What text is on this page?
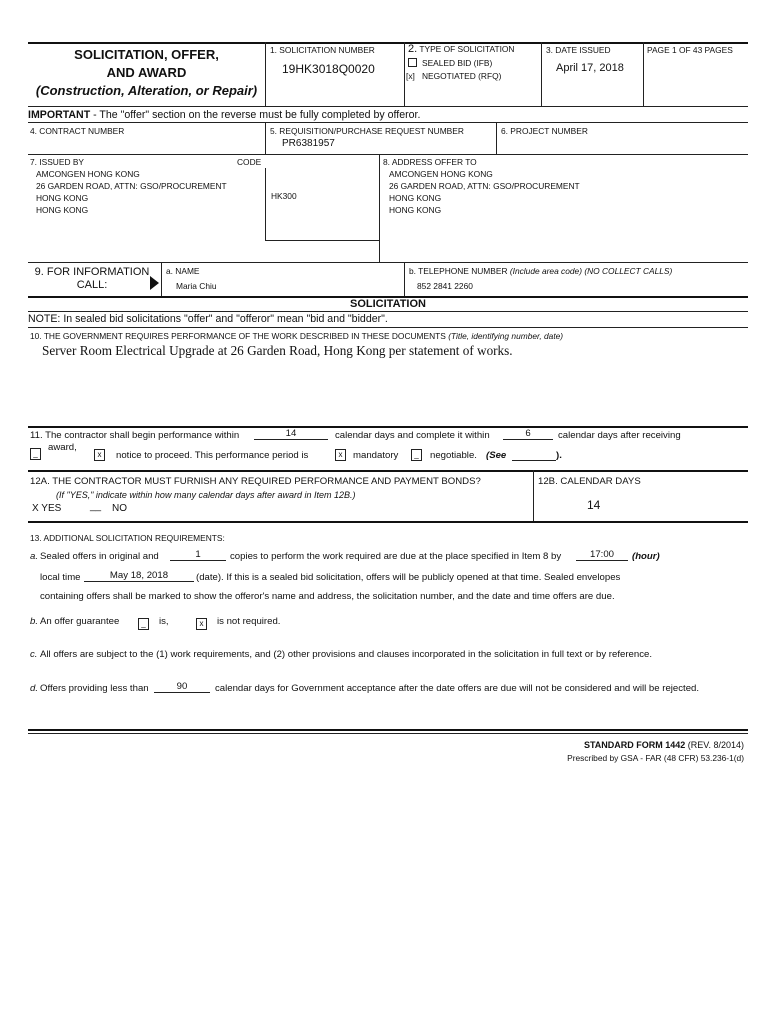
SOLICITATION, OFFER,
AND AWARD
(Construction, Alteration, or Repair)
1. SOLICITATION NUMBER
19HK3018Q0020
2. TYPE OF SOLICITATION
SEALED BID (IFB)
[x] NEGOTIATED (RFQ)
3. DATE ISSUED
April 17, 2018
PAGE 1 OF 43 PAGES
IMPORTANT - The "offer" section on the reverse must be fully completed by offeror.
4. CONTRACT NUMBER	5. REQUISITION/PURCHASE REQUEST NUMBER
PR6381957
6. PROJECT NUMBER
7. ISSUED BY	CODE
AMCONGEN HONG KONG
26 GARDEN ROAD, ATTN: GSO/PROCUREMENT
HONG KONG
HONG KONG
HK300
8. ADDRESS OFFER TO
AMCONGEN HONG KONG
26 GARDEN ROAD, ATTN: GSO/PROCUREMENT
HONG KONG
HONG KONG
9. FOR INFORMATION
CALL:
a. NAME
Maria Chiu
b. TELEPHONE NUMBER (Include area code) (NO COLLECT CALLS)
852 2841 2260
SOLICITATION
NOTE: In sealed bid solicitations "offer" and "offeror" mean "bid and "bidder".
10. THE GOVERNMENT REQUIRES PERFORMANCE OF THE WORK DESCRIBED IN THESE DOCUMENTS (Title, identifying number, date)
Server Room Electrical Upgrade at 26 Garden Road, Hong Kong per statement of works.
11. The contractor shall begin performance within	14	calendar days and complete it within	6	calendar days after receiving
_
award,
x	notice to proceed. This performance period is	x	mandatory	_	negotiable. (See	).
12A. THE CONTRACTOR MUST FURNISH ANY REQUIRED PERFORMANCE AND PAYMENT BONDS?
(If "YES," indicate within how many calendar days after award in Item 12B.)
X YES	__ NO
12B. CALENDAR DAYS
14
13. ADDITIONAL SOLICITATION REQUIREMENTS:
a. Sealed offers in original and	1	copies to perform the work required are due at the place specified in Item 8 by	17:00	(hour)
local time	May 18, 2018	(date). If this is a sealed bid solicitation, offers will be publicly opened at that time. Sealed envelopes
containing offers shall be marked to show the offeror's name and address, the solicitation number, and the date and time offers are due.
b. An offer guarantee	_	is,	x	is not required.
c. All offers are subject to the (1) work requirements, and (2) other provisions and clauses incorporated in the solicitation in full text or by reference.
d. Offers providing less than	90	calendar days for Government acceptance after the date offers are due will not be considered and will be rejected.
STANDARD FORM 1442 (REV. 8/2014)
Prescribed by GSA - FAR (48 CFR) 53.236-1(d)
